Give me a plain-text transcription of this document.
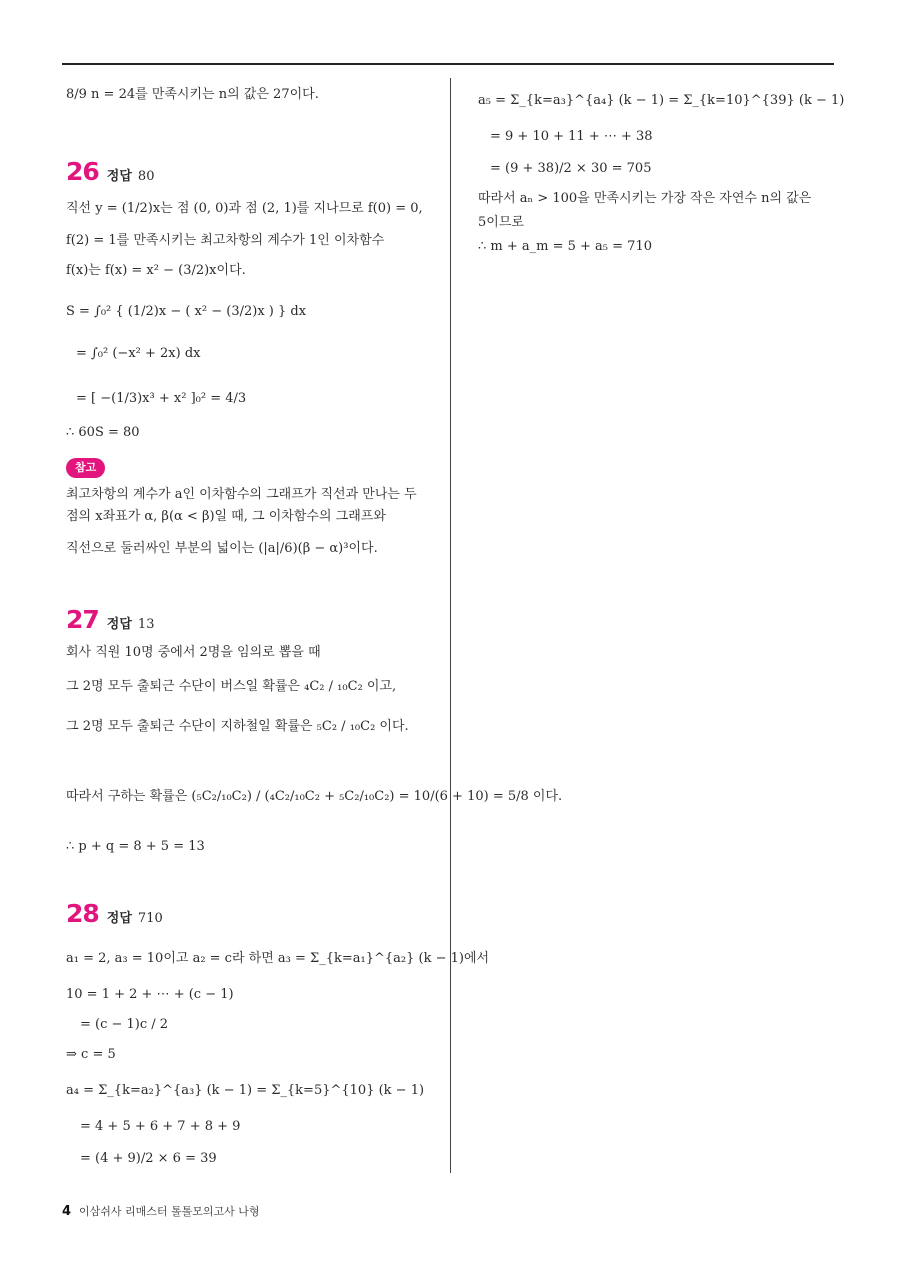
8/9 n = 24를 만족시키는 n의 값은 27이다.
26 정답 80
직선 y = (1/2)x는 점 (0, 0)과 점 (2, 1)를 지나므로 f(0) = 0,
f(2) = 1를 만족시키는 최고차항의 계수가 1인 이차함수
f(x)는 f(x) = x² − (3/2)x이다.
S = ∫₀² { (1/2)x − ( x² − (3/2)x ) } dx
= ∫₀² (−x² + 2x) dx
= [ −(1/3)x³ + x² ]₀² = 4/3
∴ 60S = 80
참고
최고차항의 계수가 a인 이차함수의 그래프가 직선과 만나는 두
점의 x좌표가 α, β(α < β)일 때, 그 이차함수의 그래프와
직선으로 둘러싸인 부분의 넓이는 (|a|/6)(β − α)³이다.
27 정답 13
회사 직원 10명 중에서 2명을 임의로 뽑을 때
그 2명 모두 출퇴근 수단이 버스일 확률은 ₄C₂ / ₁₀C₂ 이고,
그 2명 모두 출퇴근 수단이 지하철일 확률은 ₅C₂ / ₁₀C₂ 이다.
따라서 구하는 확률은 (₅C₂/₁₀C₂) / (₄C₂/₁₀C₂ + ₅C₂/₁₀C₂) = 10/(6 + 10) = 5/8 이다.
∴ p + q = 8 + 5 = 13
28 정답 710
a₁ = 2, a₃ = 10이고 a₂ = c라 하면 a₃ = Σ_{k=a₁}^{a₂} (k − 1)에서
10 = 1 + 2 + ⋯ + (c − 1)
= (c − 1)c / 2
⇒ c = 5
a₄ = Σ_{k=a₂}^{a₃} (k − 1) = Σ_{k=5}^{10} (k − 1)
= 4 + 5 + 6 + 7 + 8 + 9
= (4 + 9)/2 × 6 = 39
a₅ = Σ_{k=a₃}^{a₄} (k − 1) = Σ_{k=10}^{39} (k − 1)
= 9 + 10 + 11 + ⋯ + 38
= (9 + 38)/2 × 30 = 705
따라서 aₙ > 100을 만족시키는 가장 작은 자연수 n의 값은
5이므로
∴ m + a_m = 5 + a₅ = 710
4 이삼쉬사 리매스터 톨톨모의고사 나형
